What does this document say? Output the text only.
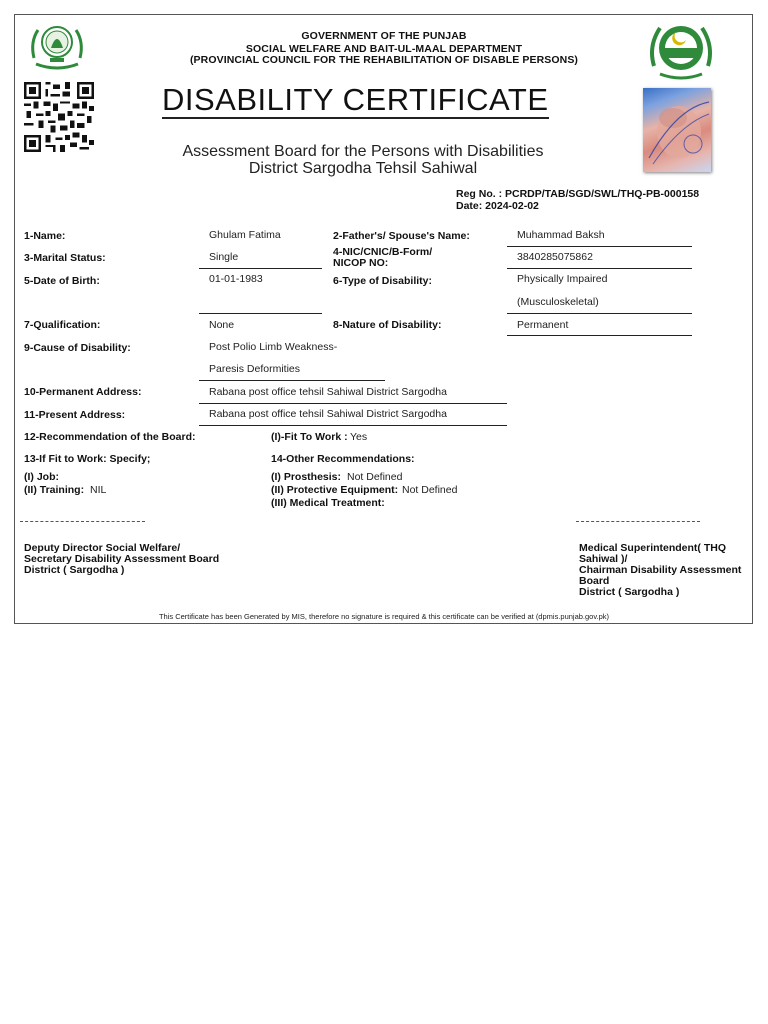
GOVERNMENT OF THE PUNJAB
SOCIAL WELFARE AND BAIT-UL-MAAL DEPARTMENT
(PROVINCIAL COUNCIL FOR THE REHABILITATION OF DISABLE PERSONS)
DISABILITY CERTIFICATE
Assessment Board for the Persons with Disabilities
District Sargodha Tehsil Sahiwal
Reg No. : PCRDP/TAB/SGD/SWL/THQ-PB-000158
Date: 2024-02-02
1-Name:	Ghulam Fatima	2-Father's/ Spouse's Name:	Muhammad Baksh
3-Marital Status:	Single	4-NIC/CNIC/B-Form/
NICOP NO:	3840285075862
5-Date of Birth:	01-01-1983	6-Type of Disability:	Physically Impaired
(Musculoskeletal)
7-Qualification:	None	8-Nature of Disability:	Permanent
9-Cause of Disability:	Post Polio Limb Weakness-
Paresis Deformities
10-Permanent Address:	Rabana post office tehsil Sahiwal District Sargodha
11-Present Address:	Rabana post office tehsil Sahiwal District Sargodha
12-Recommendation of the Board:	(I)-Fit To Work : Yes
13-If Fit to Work: Specify;	14-Other Recommendations:
(I) Job:
(II) Training: NIL
(I) Prosthesis: Not Defined
(II) Protective Equipment: Not Defined
(III) Medical Treatment:
Deputy Director Social Welfare/
Secretary Disability Assessment Board
District ( Sargodha )
Medical Superintendent( THQ
Sahiwal )/
Chairman Disability Assessment
Board
District ( Sargodha )
This Certificate has been Generated by MIS, therefore no signature is required & this certificate can be verified at (dpmis.punjab.gov.pk)
